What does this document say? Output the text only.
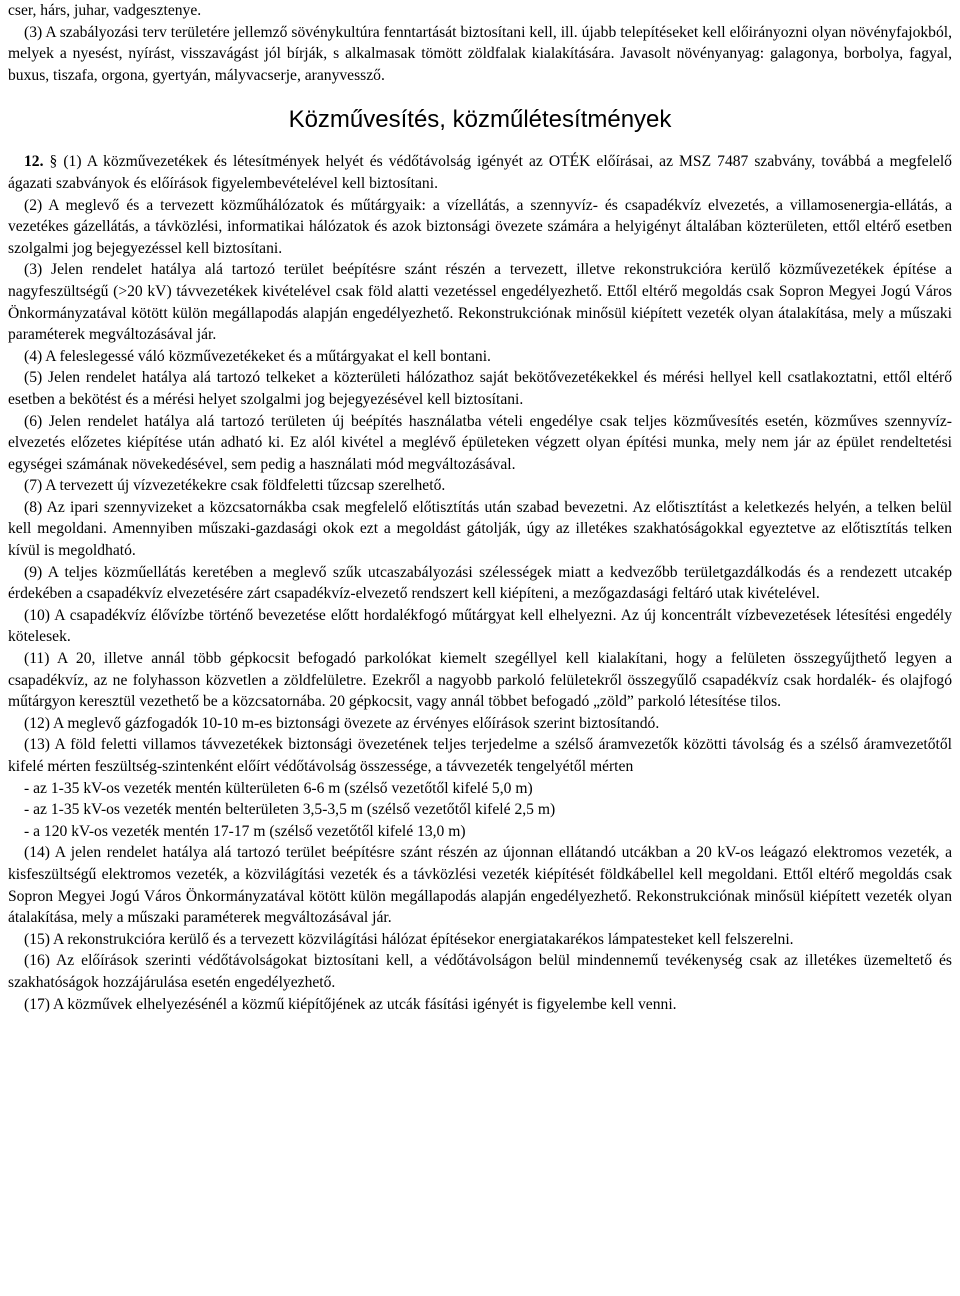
cser, hárs, juhar, vadgesztenye.

(3) A szabályozási terv területére jellemző sövénykultúra fenntartását biztosítani kell, ill. újabb telepítéseket kell előirányozni olyan növényfajokból, melyek a nyesést, nyírást, visszavágást jól bírják, s alkalmasak tömött zöldfalak kialakítására. Javasolt növényanyag: galagonya, borbolya, fagyal, buxus, tiszafa, orgona, gyertyán, mályvacserje, aranyvessző.

Közművesítés, közműlétesítmények

12. § (1) A közművezetékek és létesítmények helyét és védőtávolság igényét az OTÉK előírásai, az MSZ 7487 szabvány, továbbá a megfelelő ágazati szabványok és előírások figyelembevételével kell biztosítani.

(2) A meglevő és a tervezett közműhálózatok és műtárgyaik: a vízellátás, a szennyvíz- és csapadékvíz elvezetés, a villamosenergia-ellátás, a vezetékes gázellátás, a távközlési, informatikai hálózatok és azok biztonsági övezete számára a helyigényt általában közterületen, ettől eltérő esetben szolgalmi jog bejegyezéssel kell biztosítani.

(3) Jelen rendelet hatálya alá tartozó terület beépítésre szánt részén a tervezett, illetve rekonstrukcióra kerülő közművezetékek építése a nagyfeszültségű (>20 kV) távvezetékek kivételével csak föld alatti vezetéssel engedélyezhető. Ettől eltérő megoldás csak Sopron Megyei Jogú Város Önkormányzatával kötött külön megállapodás alapján engedélyezhető. Rekonstrukciónak minősül kiépített vezeték olyan átalakítása, mely a műszaki paraméterek megváltozásával jár.

(4) A feleslegessé váló közművezetékeket és a műtárgyakat el kell bontani.

(5) Jelen rendelet hatálya alá tartozó telkeket a közterületi hálózathoz saját bekötővezetékekkel és mérési hellyel kell csatlakoztatni, ettől eltérő esetben a bekötést és a mérési helyet szolgalmi jog bejegyezésével kell biztosítani.

(6) Jelen rendelet hatálya alá tartozó területen új beépítés használatba vételi engedélye csak teljes közművesítés esetén, közműves szennyvíz-elvezetés előzetes kiépítése után adható ki. Ez alól kivétel a meglévő épületeken végzett olyan építési munka, mely nem jár az épület rendeltetési egységei számának növekedésével, sem pedig a használati mód megváltozásával.

(7) A tervezett új vízvezetékekre csak földfeletti tűzcsap szerelhető.

(8) Az ipari szennyvizeket a közcsatornákba csak megfelelő előtisztítás után szabad bevezetni. Az előtisztítást a keletkezés helyén, a telken belül kell megoldani. Amennyiben műszaki-gazdasági okok ezt a megoldást gátolják, úgy az illetékes szakhatóságokkal egyeztetve az előtisztítás telken kívül is megoldható.

(9) A teljes közműellátás keretében a meglevő szűk utcaszabályozási szélességek miatt a kedvezőbb területgazdálkodás és a rendezett utcakép érdekében a csapadékvíz elvezetésére zárt csapadékvíz-elvezető rendszert kell kiépíteni, a mezőgazdasági feltáró utak kivételével.

(10) A csapadékvíz élővízbe történő bevezetése előtt hordalékfogó műtárgyat kell elhelyezni. Az új koncentrált vízbevezetések létesítési engedély kötelesek.

(11) A 20, illetve annál több gépkocsit befogadó parkolókat kiemelt szegéllyel kell kialakítani, hogy a felületen összegyűjthető legyen a csapadékvíz, az ne folyhasson közvetlen a zöldfelületre. Ezekről a nagyobb parkoló felületekről összegyűlő csapadékvíz csak hordalék- és olajfogó műtárgyon keresztül vezethető be a közcsatornába. 20 gépkocsit, vagy annál többet befogadó „zöld” parkoló létesítése tilos.

(12) A meglevő gázfogadók 10-10 m-es biztonsági övezete az érvényes előírások szerint biztosítandó.

(13) A föld feletti villamos távvezetékek biztonsági övezetének teljes terjedelme a szélső áramvezetők közötti távolság és a szélső áramvezetőtől kifelé mérten feszültség-szintenként előírt védőtávolság összessége, a távvezeték tengelyétől mérten

- az 1-35 kV-os vezeték mentén külterületen 6-6 m (szélső vezetőtől kifelé 5,0 m)

- az 1-35 kV-os vezeték mentén belterületen 3,5-3,5 m (szélső vezetőtől kifelé 2,5 m)

- a 120 kV-os vezeték mentén 17-17 m (szélső vezetőtől kifelé 13,0 m)

(14) A jelen rendelet hatálya alá tartozó terület beépítésre szánt részén az újonnan ellátandó utcákban a 20 kV-os leágazó elektromos vezeték, a kisfeszültségű elektromos vezeték, a közvilágítási vezeték és a távközlési vezeték kiépítését földkábellel kell megoldani. Ettől eltérő megoldás csak Sopron Megyei Jogú Város Önkormányzatával kötött külön megállapodás alapján engedélyezhető. Rekonstrukciónak minősül kiépített vezeték olyan átalakítása, mely a műszaki paraméterek megváltozásával jár.

(15) A rekonstrukcióra kerülő és a tervezett közvilágítási hálózat építésekor energiatakarékos lámpatesteket kell felszerelni.

(16) Az előírások szerinti védőtávolságokat biztosítani kell, a védőtávolságon belül mindennemű tevékenység csak az illetékes üzemeltető és szakhatóságok hozzájárulása esetén engedélyezhető.

(17) A közművek elhelyezésénél a közmű kiépítőjének az utcák fásítási igényét is figyelembe kell venni.
